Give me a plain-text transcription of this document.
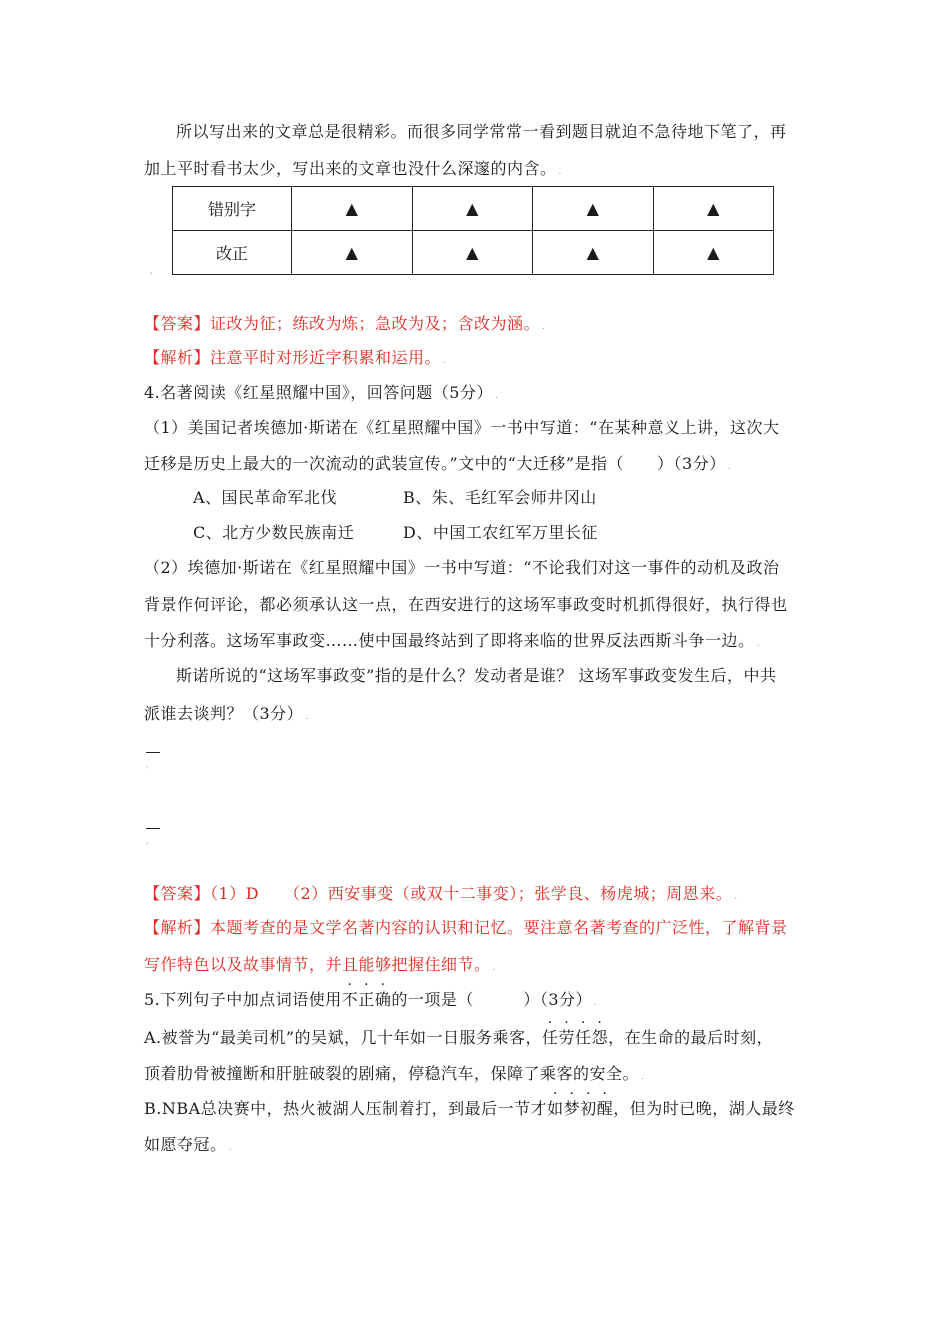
所以写出来的文章总是很精彩。而很多同学常常一看到题目就迫不急待地下笔了，再
加上平时看书太少，写出来的文章也没什么深邃的内含。 .
错别字	▲	▲	▲	▲
改正	▲	▲	▲	▲
'
【答案】证改为征；练改为炼；急改为及；含改为涵。 .
【解析】注意平时对形近字积累和运用。 .
4.名著阅读《红星照耀中国》，回答问题（5分） .
（1）美国记者埃德加·斯诺在《红星照耀中国》一书中写道：“在某种意义上讲，这次大
迁移是历史上最大的一次流动的武装宣传。”文中的“大迁移”是指（　　）（3分） .
A、国民革命军北伐	B、朱、毛红军会师井冈山
C、北方少数民族南迁	D、中国工农红军万里长征
（2）埃德加·斯诺在《红星照耀中国》一书中写道：“不论我们对这一事件的动机及政治
背景作何评论，都必须承认这一点，在西安进行的这场军事政变时机抓得很好，执行得也
十分利落。这场军事政变……使中国最终站到了即将来临的世界反法西斯斗争一边。 .
斯诺所说的“这场军事政变”指的是什么？发动者是谁？ 这场军事政变发生后，中共
派谁去谈判？（3分） .
'
'
【答案】（1）D　　（2）西安事变（或双十二事变）；张学良、杨虎城；周恩来。 .
【解析】本题考查的是文学名著内容的认识和记忆。要注意名著考查的广泛性，了解背景
写作特色以及故事情节，并且能够把握住细节。 .
5.下列句子中加点词语使用不正确的一项是（　　　）（3分） .
A.被誉为“最美司机”的吴斌，几十年如一日服务乘客，任劳任怨，在生命的最后时刻，
顶着肋骨被撞断和肝脏破裂的剧痛，停稳汽车，保障了乘客的安全。 .
B.NBA总决赛中，热火被湖人压制着打，到最后一节才如梦初醒，但为时已晚，湖人最终
如愿夺冠。 .
